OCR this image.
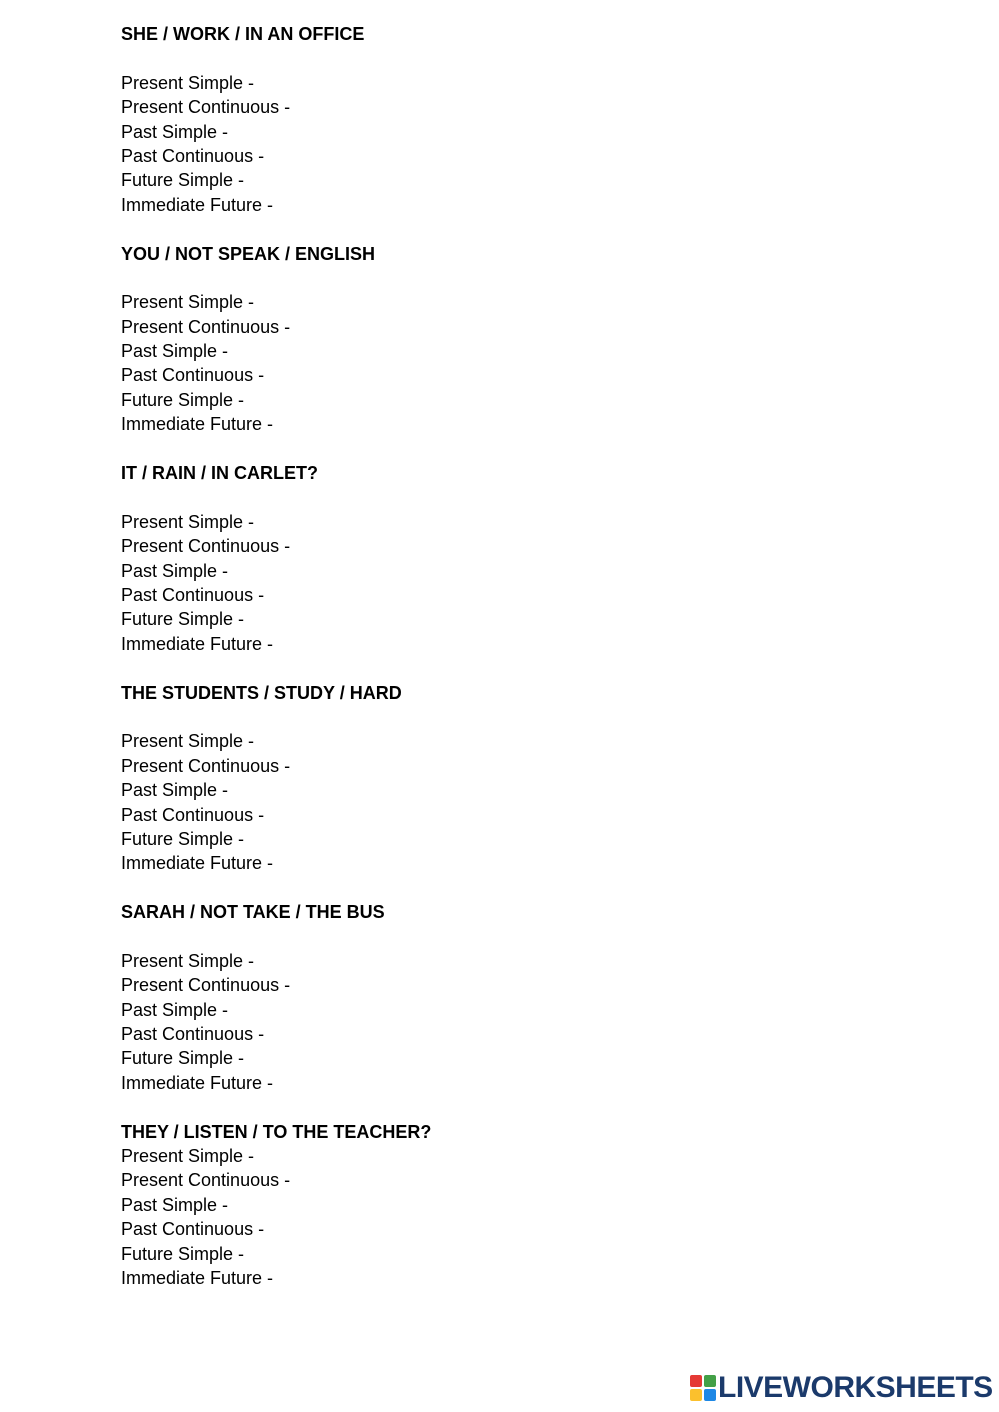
SHE / WORK / IN AN OFFICE
Present Simple -
Present Continuous -
Past Simple -
Past Continuous -
Future Simple -
Immediate Future -
YOU / NOT SPEAK / ENGLISH
Present Simple -
Present Continuous -
Past Simple -
Past Continuous -
Future Simple -
Immediate Future -
IT / RAIN / IN CARLET?
Present Simple -
Present Continuous -
Past Simple -
Past Continuous -
Future Simple -
Immediate Future -
THE STUDENTS / STUDY / HARD
Present Simple -
Present Continuous -
Past Simple -
Past Continuous -
Future Simple -
Immediate Future -
SARAH / NOT TAKE / THE BUS
Present Simple -
Present Continuous -
Past Simple -
Past Continuous -
Future Simple -
Immediate Future -
THEY / LISTEN / TO THE TEACHER?
Present Simple -
Present Continuous -
Past Simple -
Past Continuous -
Future Simple -
Immediate Future -
LIVEWORKSHEETS
